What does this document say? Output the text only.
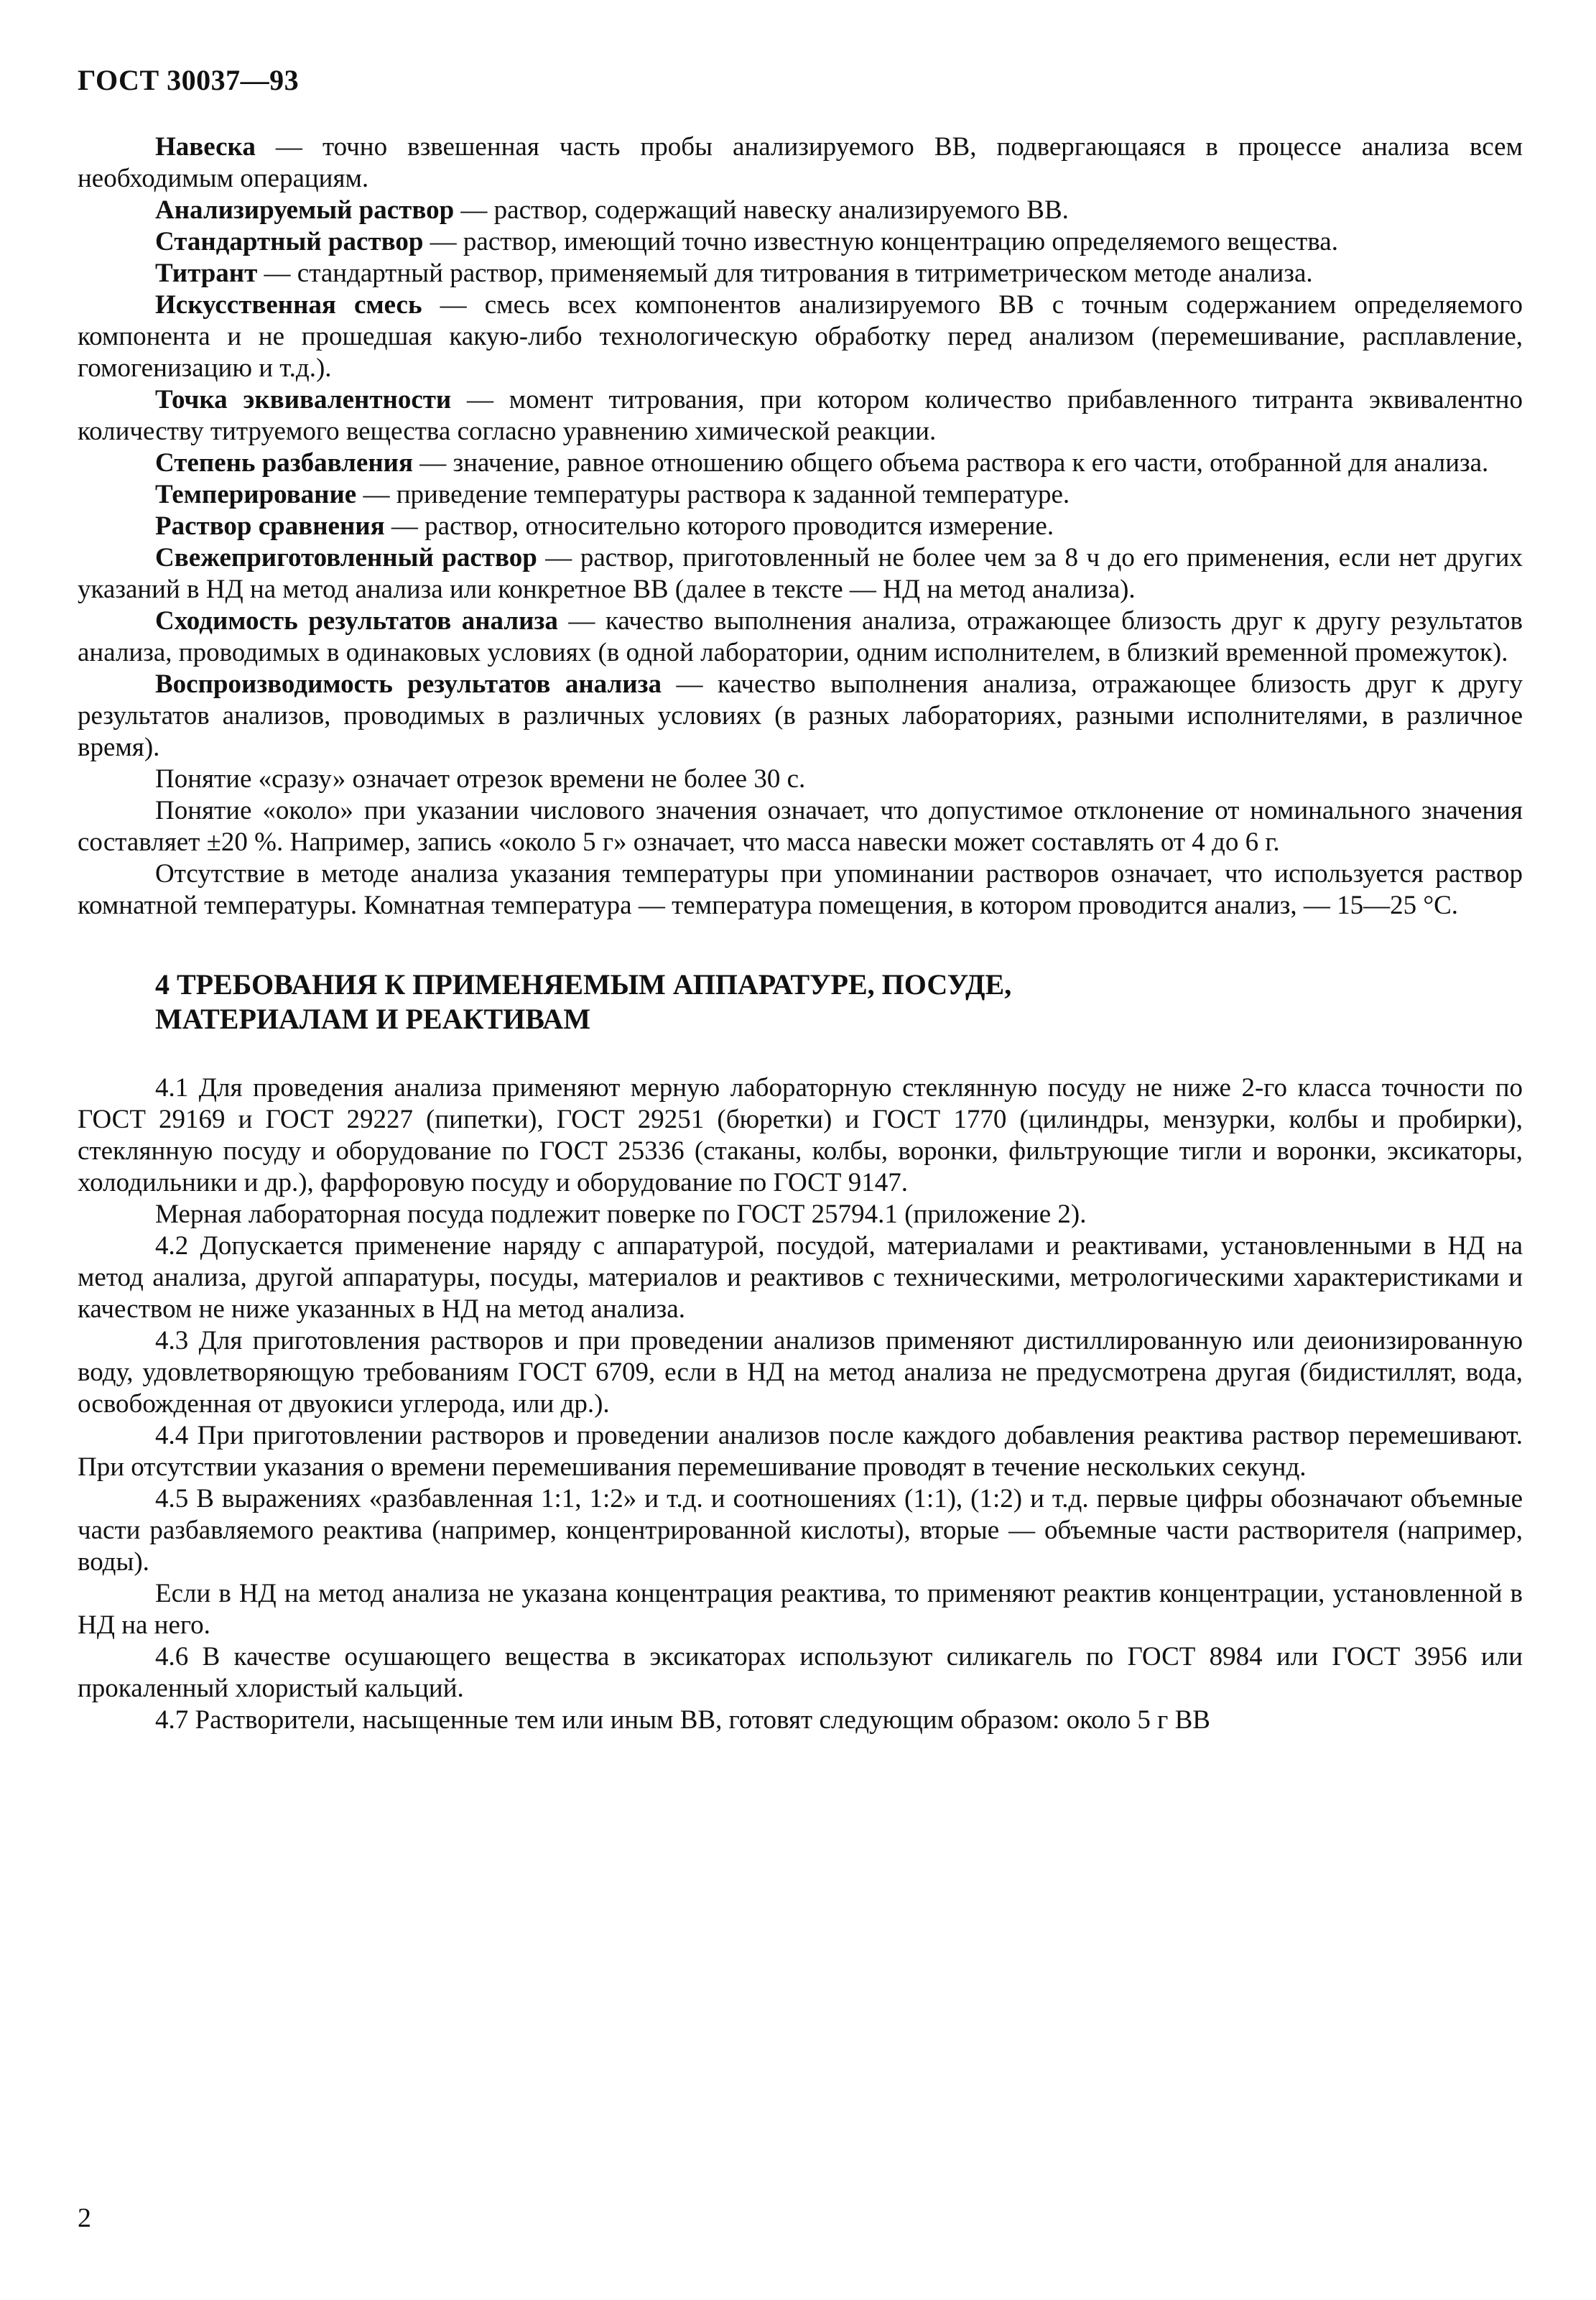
ГОСТ 30037—93

Навеска — точно взвешенная часть пробы анализируемого ВВ, подвергающаяся в процессе анализа всем необходимым операциям.

Анализируемый раствор — раствор, содержащий навеску анализируемого ВВ.

Стандартный раствор — раствор, имеющий точно известную концентрацию определяемого вещества.

Титрант — стандартный раствор, применяемый для титрования в титриметрическом методе анализа.

Искусственная смесь — смесь всех компонентов анализируемого ВВ с точным содержанием определяемого компонента и не прошедшая какую-либо технологическую обработку перед анализом (перемешивание, расплавление, гомогенизацию и т.д.).

Точка эквивалентности — момент титрования, при котором количество прибавленного титранта эквивалентно количеству титруемого вещества согласно уравнению химической реакции.

Степень разбавления — значение, равное отношению общего объема раствора к его части, отобранной для анализа.

Темперирование — приведение температуры раствора к заданной температуре.

Раствор сравнения — раствор, относительно которого проводится измерение.

Свежеприготовленный раствор — раствор, приготовленный не более чем за 8 ч до его применения, если нет других указаний в НД на метод анализа или конкретное ВВ (далее в тексте — НД на метод анализа).

Сходимость результатов анализа — качество выполнения анализа, отражающее близость друг к другу результатов анализа, проводимых в одинаковых условиях (в одной лаборатории, одним исполнителем, в близкий временной промежуток).

Воспроизводимость результатов анализа — качество выполнения анализа, отражающее близость друг к другу результатов анализов, проводимых в различных условиях (в разных лабораториях, разными исполнителями, в различное время).

Понятие «сразу» означает отрезок времени не более 30 с.

Понятие «около» при указании числового значения означает, что допустимое отклонение от номинального значения составляет ±20 %. Например, запись «около 5 г» означает, что масса навески может составлять от 4 до 6 г.

Отсутствие в методе анализа указания температуры при упоминании растворов означает, что используется раствор комнатной температуры. Комнатная температура — температура помещения, в котором проводится анализ, — 15—25 °С.

4 ТРЕБОВАНИЯ К ПРИМЕНЯЕМЫМ АППАРАТУРЕ, ПОСУДЕ,
МАТЕРИАЛАМ И РЕАКТИВАМ

4.1 Для проведения анализа применяют мерную лабораторную стеклянную посуду не ниже 2-го класса точности по ГОСТ 29169 и ГОСТ 29227 (пипетки), ГОСТ 29251 (бюретки) и ГОСТ 1770 (цилиндры, мензурки, колбы и пробирки), стеклянную посуду и оборудование по ГОСТ 25336 (стаканы, колбы, воронки, фильтрующие тигли и воронки, эксикаторы, холодильники и др.), фарфоровую посуду и оборудование по ГОСТ 9147.

Мерная лабораторная посуда подлежит поверке по ГОСТ 25794.1 (приложение 2).

4.2 Допускается применение наряду с аппаратурой, посудой, материалами и реактивами, установленными в НД на метод анализа, другой аппаратуры, посуды, материалов и реактивов с техническими, метрологическими характеристиками и качеством не ниже указанных в НД на метод анализа.

4.3 Для приготовления растворов и при проведении анализов применяют дистиллированную или деионизированную воду, удовлетворяющую требованиям ГОСТ 6709, если в НД на метод анализа не предусмотрена другая (бидистиллят, вода, освобожденная от двуокиси углерода, или др.).

4.4 При приготовлении растворов и проведении анализов после каждого добавления реактива раствор перемешивают. При отсутствии указания о времени перемешивания перемешивание проводят в течение нескольких секунд.

4.5 В выражениях «разбавленная 1:1, 1:2» и т.д. и соотношениях (1:1), (1:2) и т.д. первые цифры обозначают объемные части разбавляемого реактива (например, концентрированной кислоты), вторые — объемные части растворителя (например, воды).

Если в НД на метод анализа не указана концентрация реактива, то применяют реактив концентрации, установленной в НД на него.

4.6 В качестве осушающего вещества в эксикаторах используют силикагель по ГОСТ 8984 или ГОСТ 3956 или прокаленный хлористый кальций.

4.7 Растворители, насыщенные тем или иным ВВ, готовят следующим образом: около 5 г ВВ

2
